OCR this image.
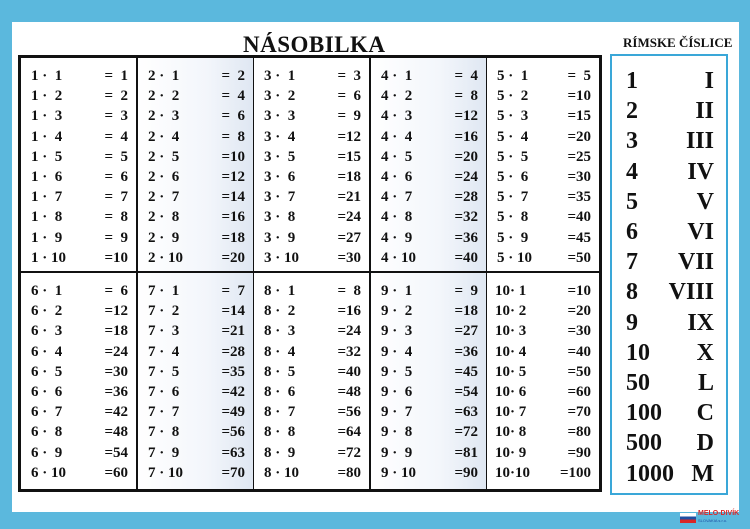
NÁSOBILKA	RÍMSKE ČÍSLICE
1 ·  1	=  1
1 ·  2	=  2
1 ·  3	=  3
1 ·  4	=  4
1 ·  5	=  5
1 ·  6	=  6
1 ·  7	=  7
1 ·  8	=  8
1 ·  9	=  9
1 · 10	=10
2 ·  1	=  2
2 ·  2	=  4
2 ·  3	=  6
2 ·  4	=  8
2 ·  5	=10
2 ·  6	=12
2 ·  7	=14
2 ·  8	=16
2 ·  9	=18
2 · 10	=20
3 ·  1	=  3
3 ·  2	=  6
3 ·  3	=  9
3 ·  4	=12
3 ·  5	=15
3 ·  6	=18
3 ·  7	=21
3 ·  8	=24
3 ·  9	=27
3 · 10	=30
4 ·  1	=  4
4 ·  2	=  8
4 ·  3	=12
4 ·  4	=16
4 ·  5	=20
4 ·  6	=24
4 ·  7	=28
4 ·  8	=32
4 ·  9	=36
4 · 10	=40
5 ·  1	=  5
5 ·  2	=10
5 ·  3	=15
5 ·  4	=20
5 ·  5	=25
5 ·  6	=30
5 ·  7	=35
5 ·  8	=40
5 ·  9	=45
5 · 10 =50
6 ·  1	=  6
6 ·  2	=12
6 ·  3	=18
6 ·  4	=24
6 ·  5	=30
6 ·  6	=36
6 ·  7	=42
6 ·  8	=48
6 ·  9	=54
6 · 10	=60
7 ·  1	=  7
7 ·  2	=14
7 ·  3	=21
7 ·  4	=28
7 ·  5	=35
7 ·  6	=42
7 ·  7	=49
7 ·  8	=56
7 ·  9	=63
7 · 10	=70
8 ·  1	=  8
8 ·  2	=16
8 ·  3	=24
8 ·  4	=32
8 ·  5	=40
8 ·  6	=48
8 ·  7	=56
8 ·  8	=64
8 ·  9	=72
8 · 10	=80
9 ·  1	=  9
9 ·  2	=18
9 ·  3	=27
9 ·  4	=36
9 ·  5	=45
9 ·  6	=54
9 ·  7	=63
9 ·  8	=72
9 ·  9	=81
9 · 10	=90
10· 1	=10
10· 2	=20
10· 3	=30
10· 4	=40
10· 5	=50
10· 6	=60
10· 7	=70
10· 8	=80
10· 9	=90
10·10 =100
1	I
2 II
3 III
4 IV
5 V
6 VI
7 VII
8 VIII
9 IX
10 X
50 L
100 C
500 D
1000 M
MELO-DIVÍK
SLOVAKIA s.r.o.
